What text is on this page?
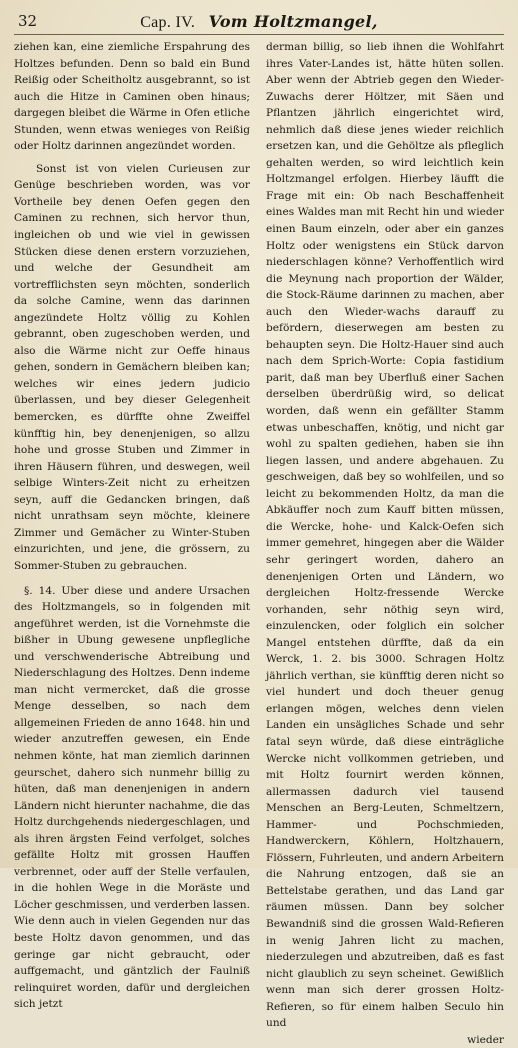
32	Cap. IV. Vom Holtzmangel,

ziehen kan, eine ziemliche Erspahrung des Holtzes befunden. Denn so bald ein Bund Reißig oder Scheitholtz ausgebrannt, so ist auch die Hitze in Caminen oben hinaus; dargegen bleibet die Wärme in Ofen etliche Stunden, wenn etwas wenieges von Reißig oder Holtz darinnen angezündet worden.

Sonst ist von vielen Curieusen zur Genüge beschrieben worden, was vor Vortheile bey denen Oefen gegen den Caminen zu rechnen, sich hervor thun, ingleichen ob und wie viel in gewissen Stücken diese denen erstern vorzuziehen, und welche der Gesundheit am vortrefflichsten seyn möchten, sonderlich da solche Camine, wenn das darinnen angezündete Holtz völlig zu Kohlen gebrannt, oben zugeschoben werden, und also die Wärme nicht zur Oeffe hinaus gehen, sondern in Gemächern bleiben kan; welches wir eines jedern judicio überlassen, und bey dieser Gelegenheit bemercken, es dürffte ohne Zweiffel künfftig hin, bey denenjenigen, so allzu hohe und grosse Stuben und Zimmer in ihren Häusern führen, und deswegen, weil selbige Winters-Zeit nicht zu erheitzen seyn, auff die Gedancken bringen, daß nicht unrathsam seyn möchte, kleinere Zimmer und Gemächer zu Winter-Stuben einzurichten, und jene, die grössern, zu Sommer-Stuben zu gebrauchen.

§. 14. Uber diese und andere Ursachen des Holtzmangels, so in folgenden mit angeführet werden, ist die Vornehmste die bißher in Ubung gewesene unpflegliche und verschwenderische Abtreibung und Niederschlagung des Holtzes. Denn indeme man nicht vermercket, daß die grosse Menge desselben, so nach dem allgemeinen Frieden de anno 1648. hin und wieder anzutreffen gewesen, ein Ende nehmen könte, hat man ziemlich darinnen geurschet, dahero sich nunmehr billig zu hüten, daß man denenjenigen in andern Ländern nicht hierunter nachahme, die das Holtz durchgehends niedergeschlagen, und als ihren ärgsten Feind verfolget, solches gefällte Holtz mit grossen Hauffen verbrennet, oder auff der Stelle verfaulen, in die hohlen Wege in die Moräste und Löcher geschmissen, und verderben lassen. Wie denn auch in vielen Gegenden nur das beste Holtz davon genommen, und das geringe gar nicht gebraucht, oder auffgemacht, und gäntzlich der Faulniß relinquiret worden, dafür und dergleichen sich jetzt

derman billig, so lieb ihnen die Wohlfahrt ihres Vater-Landes ist, hätte hüten sollen. Aber wenn der Abtrieb gegen den Wieder-Zuwachs derer Höltzer, mit Säen und Pflantzen jährlich eingerichtet wird, nehmlich daß diese jenes wieder reichlich ersetzen kan, und die Gehöltze als pfleglich gehalten werden, so wird leichtlich kein Holtzmangel erfolgen. Hierbey läufft die Frage mit ein: Ob nach Beschaffenheit eines Waldes man mit Recht hin und wieder einen Baum einzeln, oder aber ein ganzes Holtz oder wenigstens ein Stück darvon niederschlagen könne? Verhoffentlich wird die Meynung nach proportion der Wälder, die Stock-Räume darinnen zu machen, aber auch den Wieder-wachs darauff zu befördern, dieserwegen am besten zu behaupten seyn. Die Holtz-Hauer sind auch nach dem Sprich-Worte: Copia fastidium parit, daß man bey Uberfluß einer Sachen derselben überdrüßig wird, so delicat worden, daß wenn ein gefällter Stamm etwas unbeschaffen, knötig, und nicht gar wohl zu spalten gediehen, haben sie ihn liegen lassen, und andere abgehauen. Zu geschweigen, daß bey so wohlfeilen, und so leicht zu bekommenden Holtz, da man die Abkäuffer noch zum Kauff bitten müssen, die Wercke, hohe- und Kalck-Oefen sich immer gemehret, hingegen aber die Wälder sehr geringert worden, dahero an denenjenigen Orten und Ländern, wo dergleichen Holtz-fressende Wercke vorhanden, sehr nöthig seyn wird, einzulencken, oder folglich ein solcher Mangel entstehen dürffte, daß da ein Werck, 1. 2. bis 3000. Schragen Holtz jährlich verthan, sie künfftig deren nicht so viel hundert und doch theuer genug erlangen mögen, welches denn vielen Landen ein unsägliches Schade und sehr fatal seyn würde, daß diese einträgliche Wercke nicht vollkommen getrieben, und mit Holtz fournirt werden können, allermassen dadurch viel tausend Menschen an Berg-Leuten, Schmeltzern, Hammer- und Pochschmieden, Handwerckern, Köhlern, Holtzhauern, Flössern, Fuhrleuten, und andern Arbeitern die Nahrung entzogen, daß sie an Bettelstabe gerathen, und das Land gar räumen müssen. Dann bey solcher Bewandniß sind die grossen Wald-Refieren in wenig Jahren licht zu machen, niederzulegen und abzutreiben, daß es fast nicht glaublich zu seyn scheinet. Gewißlich wenn man sich derer grossen Holtz-Refieren, so für einem halben Seculo hin und

wieder
